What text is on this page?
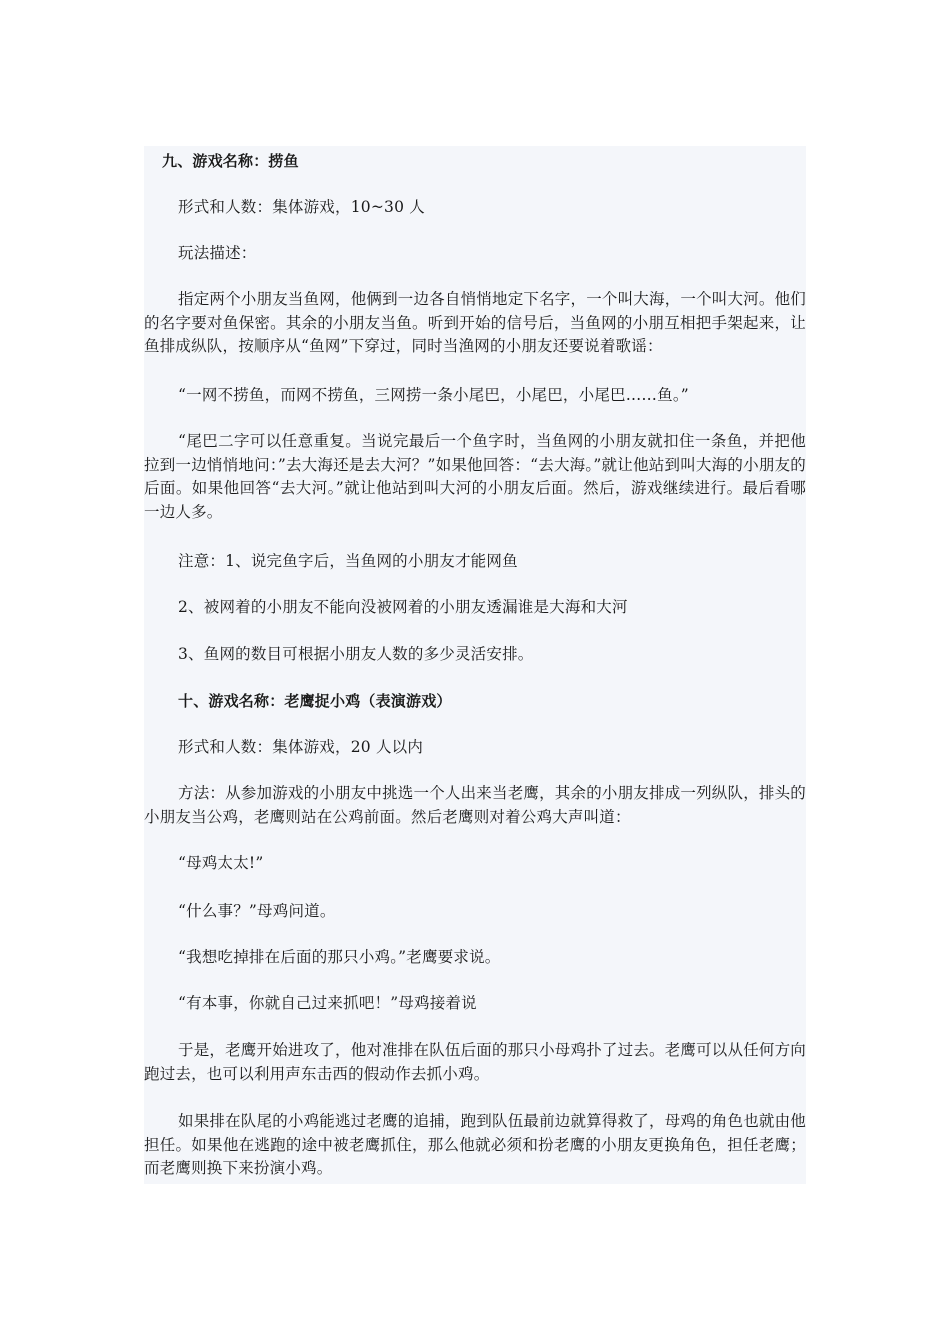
九、游戏名称：捞鱼

形式和人数：集体游戏，10~30 人

玩法描述：

指定两个小朋友当鱼网，他俩到一边各自悄悄地定下名字，一个叫大海，一个叫大河。他们的名字要对鱼保密。其余的小朋友当鱼。听到开始的信号后，当鱼网的小朋互相把手架起来，让鱼排成纵队，按顺序从“鱼网”下穿过，同时当渔网的小朋友还要说着歌谣：

“一网不捞鱼，而网不捞鱼，三网捞一条小尾巴，小尾巴，小尾巴……鱼。”

“尾巴二字可以任意重复。当说完最后一个鱼字时，当鱼网的小朋友就扣住一条鱼，并把他拉到一边悄悄地问：”去大海还是去大河？”如果他回答：“去大海。”就让他站到叫大海的小朋友的后面。如果他回答“去大河。”就让他站到叫大河的小朋友后面。然后，游戏继续进行。最后看哪一边人多。

注意：1、说完鱼字后，当鱼网的小朋友才能网鱼

2、被网着的小朋友不能向没被网着的小朋友透漏谁是大海和大河

3、鱼网的数目可根据小朋友人数的多少灵活安排。

十、游戏名称：老鹰捉小鸡（表演游戏）

形式和人数：集体游戏，20 人以内

方法：从参加游戏的小朋友中挑选一个人出来当老鹰，其余的小朋友排成一列纵队，排头的小朋友当公鸡，老鹰则站在公鸡前面。然后老鹰则对着公鸡大声叫道：

“母鸡太太!”

“什么事？”母鸡问道。

“我想吃掉排在后面的那只小鸡。”老鹰要求说。

“有本事，你就自己过来抓吧！”母鸡接着说

于是，老鹰开始进攻了，他对准排在队伍后面的那只小母鸡扑了过去。老鹰可以从任何方向跑过去，也可以利用声东击西的假动作去抓小鸡。

如果排在队尾的小鸡能逃过老鹰的追捕，跑到队伍最前边就算得救了，母鸡的角色也就由他担任。如果他在逃跑的途中被老鹰抓住，那么他就必须和扮老鹰的小朋友更换角色，担任老鹰；而老鹰则换下来扮演小鸡。
